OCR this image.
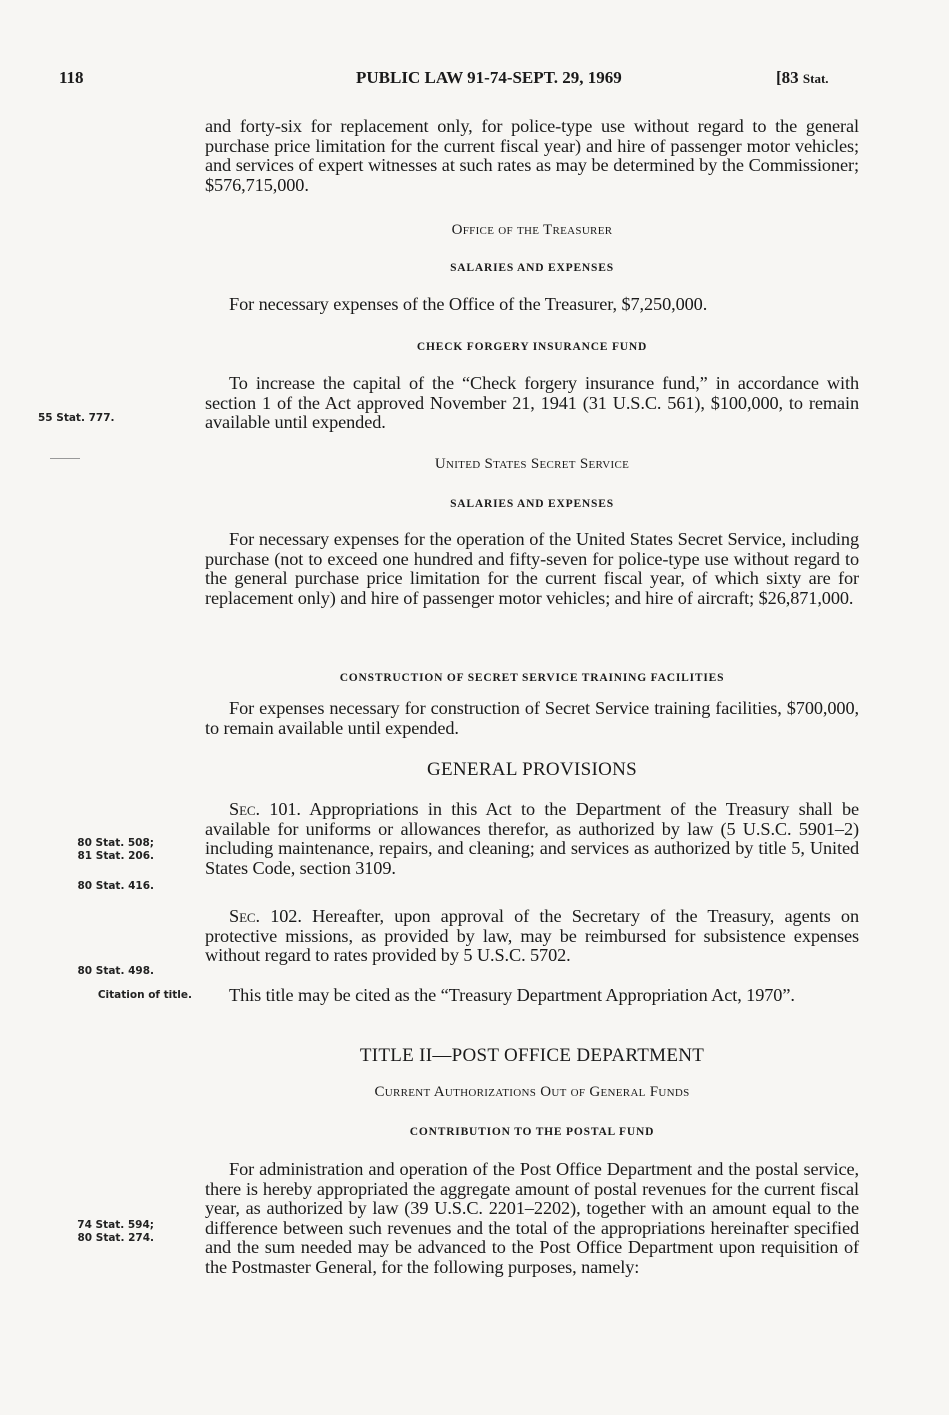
118	PUBLIC LAW 91-74-SEPT. 29, 1969	[83 Stat.

and forty-six for replacement only, for police-type use without regard to the general purchase price limitation for the current fiscal year) and hire of passenger motor vehicles; and services of expert witnesses at such rates as may be determined by the Commissioner; $576,715,000.

Office of the Treasurer
SALARIES AND EXPENSES

For necessary expenses of the Office of the Treasurer, $7,250,000.

CHECK FORGERY INSURANCE FUND

To increase the capital of the “Check forgery insurance fund,” in accordance with section 1 of the Act approved November 21, 1941 (31 U.S.C. 561), $100,000, to remain available until expended.

55 Stat. 777.
United States Secret Service
SALARIES AND EXPENSES

For necessary expenses for the operation of the United States Secret Service, including purchase (not to exceed one hundred and fifty-seven for police-type use without regard to the general purchase price limitation for the current fiscal year, of which sixty are for replacement only) and hire of passenger motor vehicles; and hire of aircraft; $26,871,000.

CONSTRUCTION OF SECRET SERVICE TRAINING FACILITIES

For expenses necessary for construction of Secret Service training facilities, $700,000, to remain available until expended.

GENERAL PROVISIONS

Sec. 101. Appropriations in this Act to the Department of the Treasury shall be available for uniforms or allowances therefor, as authorized by law (5 U.S.C. 5901–2) including maintenance, repairs, and cleaning; and services as authorized by title 5, United States Code, section 3109.

80 Stat. 508;
81 Stat. 206.
80 Stat. 416.

Sec. 102. Hereafter, upon approval of the Secretary of the Treasury, agents on protective missions, as provided by law, may be reimbursed for subsistence expenses without regard to rates provided by 5 U.S.C. 5702.

80 Stat. 498.
Citation of title.	This title may be cited as the “Treasury Department Appropriation Act, 1970”.

TITLE II—POST OFFICE DEPARTMENT
Current Authorizations Out of General Funds
CONTRIBUTION TO THE POSTAL FUND

For administration and operation of the Post Office Department and the postal service, there is hereby appropriated the aggregate amount of postal revenues for the current fiscal year, as authorized by law (39 U.S.C. 2201–2202), together with an amount equal to the difference between such revenues and the total of the appropriations hereinafter specified and the sum needed may be advanced to the Post Office Department upon requisition of the Postmaster General, for the following purposes, namely:

74 Stat. 594;
80 Stat. 274.
